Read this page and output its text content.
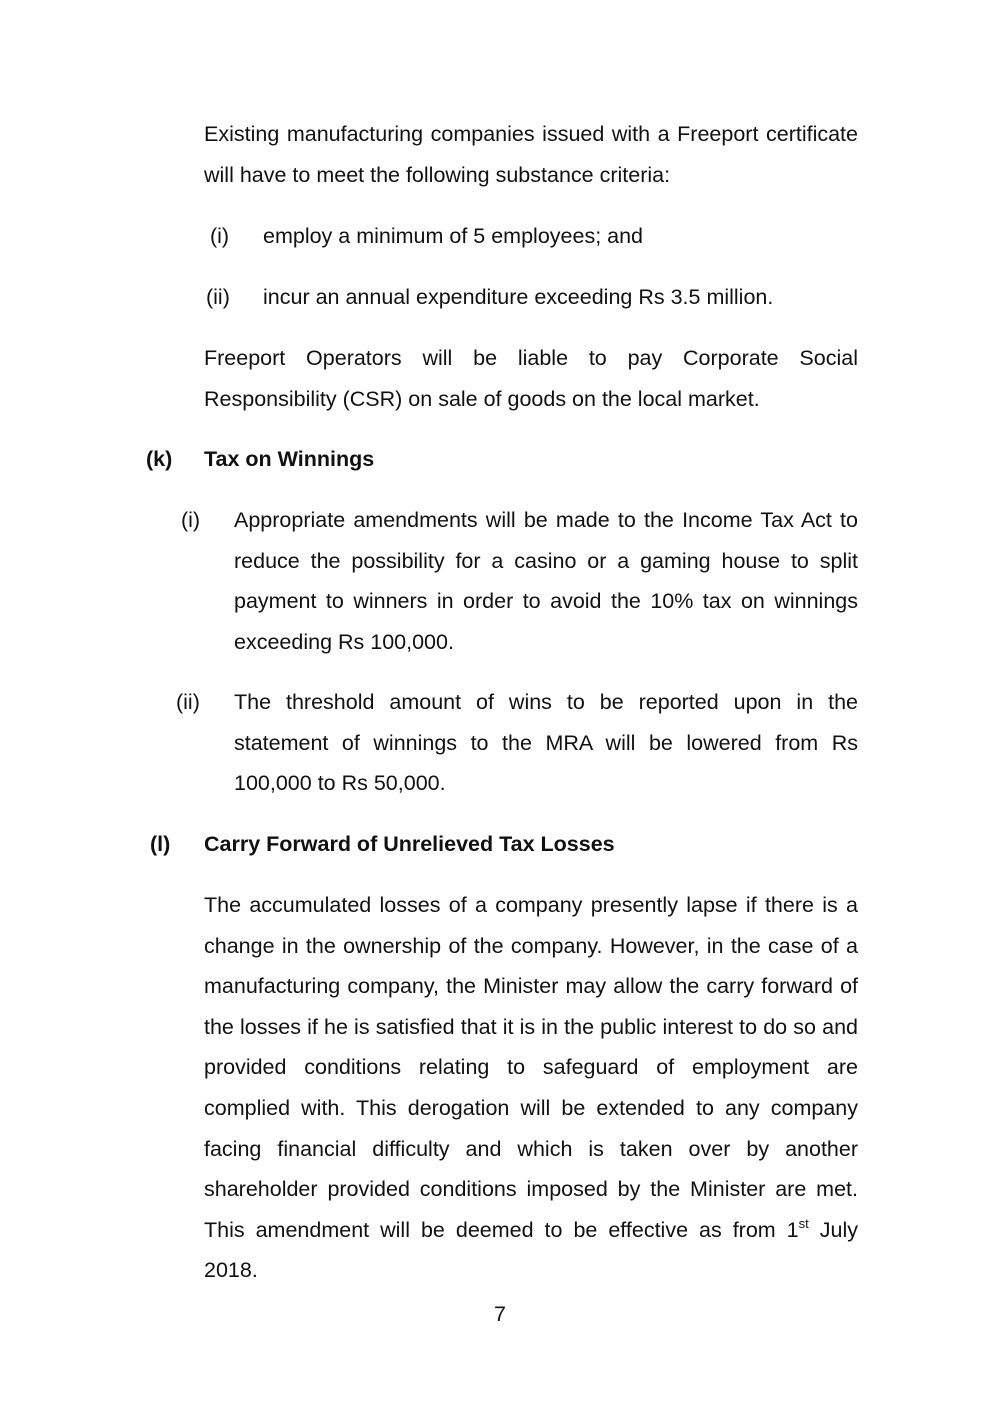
Existing manufacturing companies issued with a Freeport certificate will have to meet the following substance criteria:
(i) employ a minimum of 5 employees; and
(ii) incur an annual expenditure exceeding Rs 3.5 million.
Freeport Operators will be liable to pay Corporate Social Responsibility (CSR) on sale of goods on the local market.
(k) Tax on Winnings
(i) Appropriate amendments will be made to the Income Tax Act to reduce the possibility for a casino or a gaming house to split payment to winners in order to avoid the 10% tax on winnings exceeding Rs 100,000.
(ii) The threshold amount of wins to be reported upon in the statement of winnings to the MRA will be lowered from Rs 100,000 to Rs 50,000.
(l) Carry Forward of Unrelieved Tax Losses
The accumulated losses of a company presently lapse if there is a change in the ownership of the company. However, in the case of a manufacturing company, the Minister may allow the carry forward of the losses if he is satisfied that it is in the public interest to do so and provided conditions relating to safeguard of employment are complied with. This derogation will be extended to any company facing financial difficulty and which is taken over by another shareholder provided conditions imposed by the Minister are met. This amendment will be deemed to be effective as from 1st July 2018.
7
